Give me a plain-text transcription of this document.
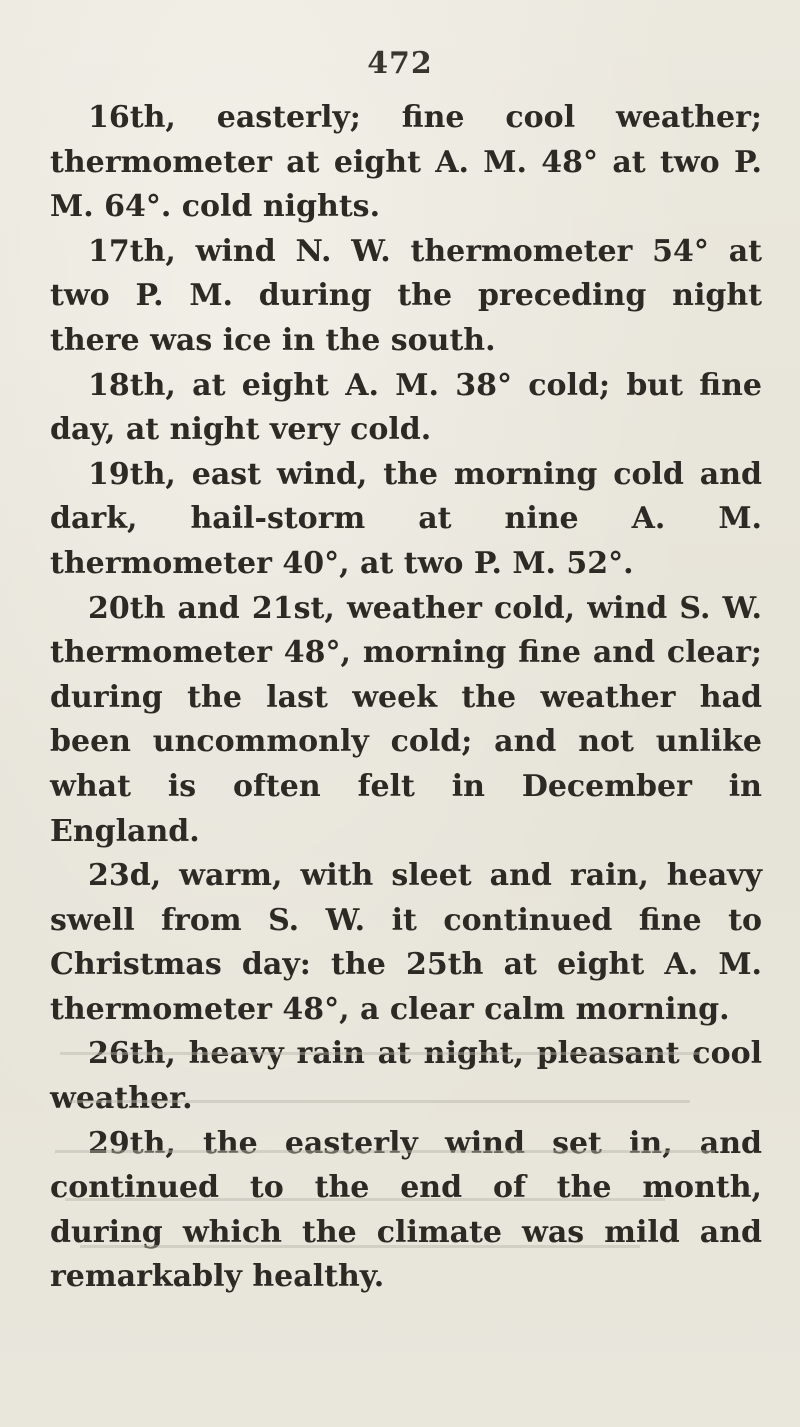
472

16th, easterly; fine cool weather; thermometer at eight A. M. 48° at two P. M. 64°. cold nights.

17th, wind N. W. thermometer 54° at two P. M. during the preceding night there was ice in the south.

18th, at eight A. M. 38° cold; but fine day, at night very cold.

19th, east wind, the morning cold and dark, hail-storm at nine A. M. thermometer 40°, at two P. M. 52°.

20th and 21st, weather cold, wind S. W. thermometer 48°, morning fine and clear; during the last week the weather had been uncommonly cold; and not unlike what is often felt in December in England.

23d, warm, with sleet and rain, heavy swell from S. W. it continued fine to Christmas day: the 25th at eight A. M. thermometer 48°, a clear calm morning.

26th, heavy rain at night, pleasant cool weather.

29th, the easterly wind set in, and continued to the end of the month, during which the climate was mild and remarkably healthy.
